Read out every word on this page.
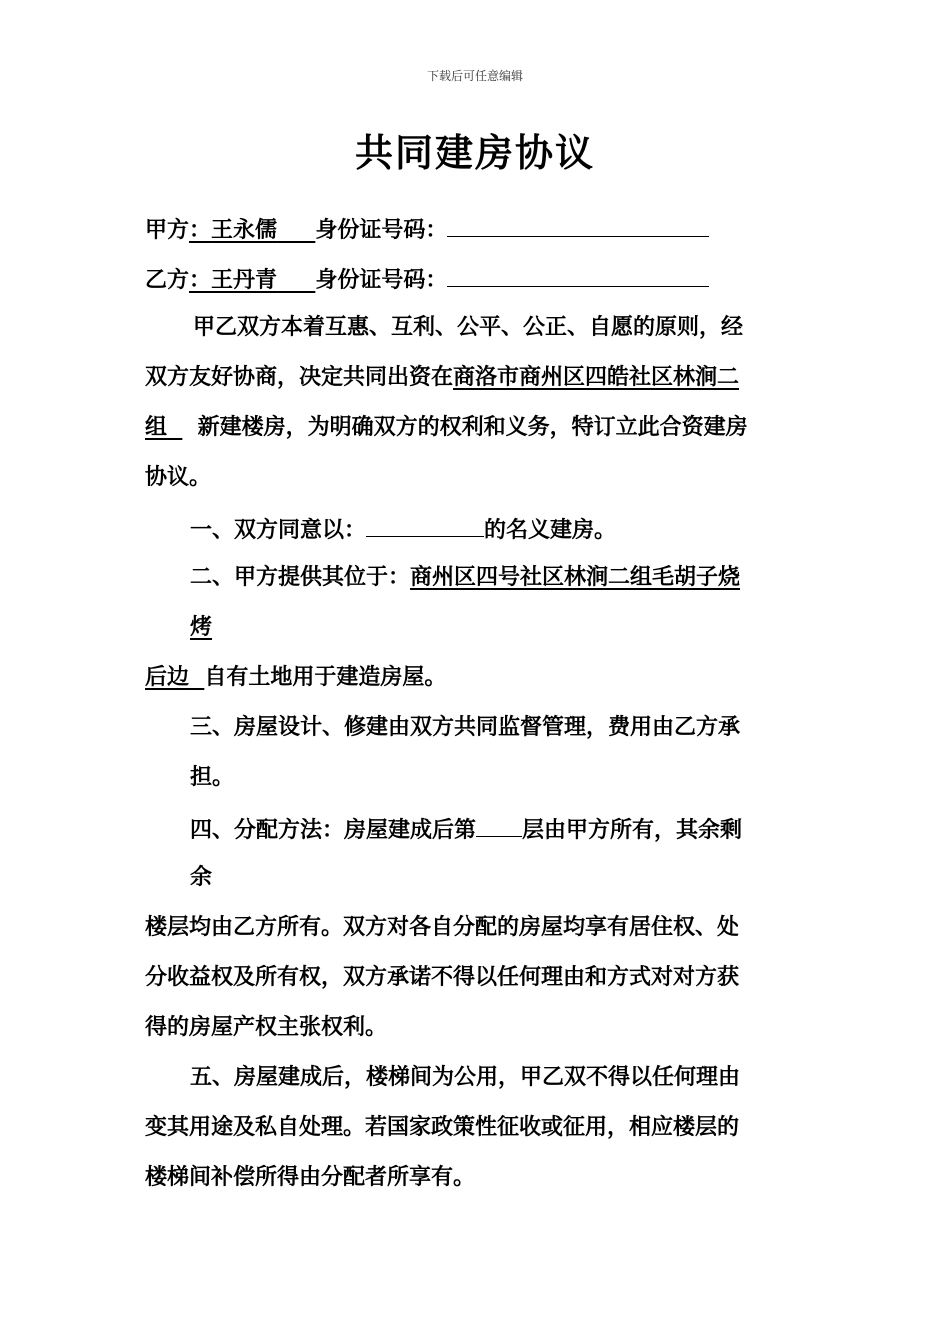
下载后可任意编辑
共同建房协议
甲方：王永儒 身份证号码：
乙方：王丹青 身份证号码：
甲乙双方本着互惠、互利、公平、公正、自愿的原则，经
双方友好协商，决定共同出资在商洛市商州区四皓社区林涧二
组 新建楼房，为明确双方的权利和义务，特订立此合资建房
协议。
一、双方同意以：	的名义建房。
二、甲方提供其位于：商州区四号社区林涧二组毛胡子烧
烤
后边 自有土地用于建造房屋。
三、房屋设计、修建由双方共同监督管理，费用由乙方承
担。
四、分配方法：房屋建成后第 层由甲方所有，其余剩
余
楼层均由乙方所有。双方对各自分配的房屋均享有居住权、处
分收益权及所有权，双方承诺不得以任何理由和方式对对方获
得的房屋产权主张权利。
五、房屋建成后，楼梯间为公用，甲乙双不得以任何理由
变其用途及私自处理。若国家政策性征收或征用，相应楼层的
楼梯间补偿所得由分配者所享有。
